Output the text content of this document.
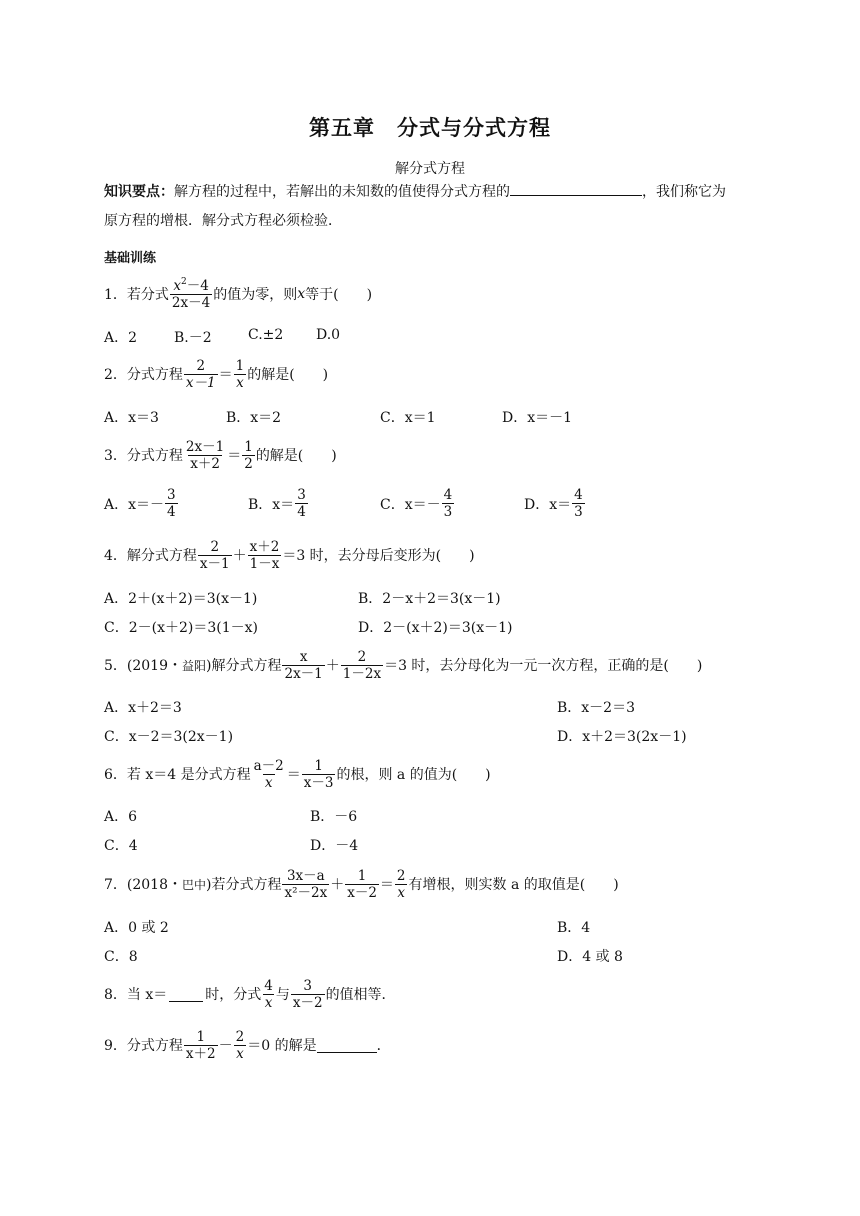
第五章 分式与分式方程
解分式方程
知识要点：解方程的过程中，若解出的未知数的值使得分式方程的	，我们称它为
原方程的增根．解分式方程必须检验．
基础训练
1．若分式 $\frac{x^2-4}{2x-4}$ 的值为零，则 x 等于(　　)
A．2	B.－2	C.±2 D.0
2．分式方程 $\frac{2}{x-1} = \frac{1}{x}$ 的解是(　　)
A．x＝3	B．x＝2	C．x＝1	D．x＝－1
3．分式方程 $\frac{2x-1}{x+2} = \frac{1}{2}$ 的解是(　　)
A．$x=- \frac{3}{4}$	B．$x= \frac{3}{4}$	C．$x=- \frac{4}{3}$	D．$x= \frac{4}{3}$
4．解分式方程 $\frac{2}{x-1} + \frac{x+2}{1-x} =3$ 时，去分母后变形为(　　)
A．2＋(x＋2)＝3(x－1)	B．2－x＋2＝3(x－1)
C．2－(x＋2)＝3(1－x)	D．2－(x＋2)＝3(x－1)
5．(2019・ 益阳 )解分式方程 $\frac{x}{2x-1} + \frac{2}{1-2x} =3$ 时，去分母化为一元一次方程，正确的是(　　)
A．x＋2＝3	B．x－2＝3
C．x－2＝3(2x－1)	D．x＋2＝3(2x－1)
6．若 x＝4 是分式方程 $\frac{a-2}{x} = \frac{1}{x-3}$ 的根，则 a 的值为(　　)
A．6	B．－6
C．4	D．－4
7．(2018・ 巴中 )若分式方程 $\frac{3x-a}{\text{x²－2x}} + \frac{1}{x-2} = \frac{2}{x}$ 有增根，则实数 a 的取值是(　　)
A．0 或 2	B．4
C．8	D．4 或 8
8．当 x＝	时，分式 $\frac{4}{x}$ 与 $\frac{3}{x-2}$ 的值相等．
9．分式方程 $\frac{1}{x+2} - \frac{2}{x} =0$ 的解是	．
